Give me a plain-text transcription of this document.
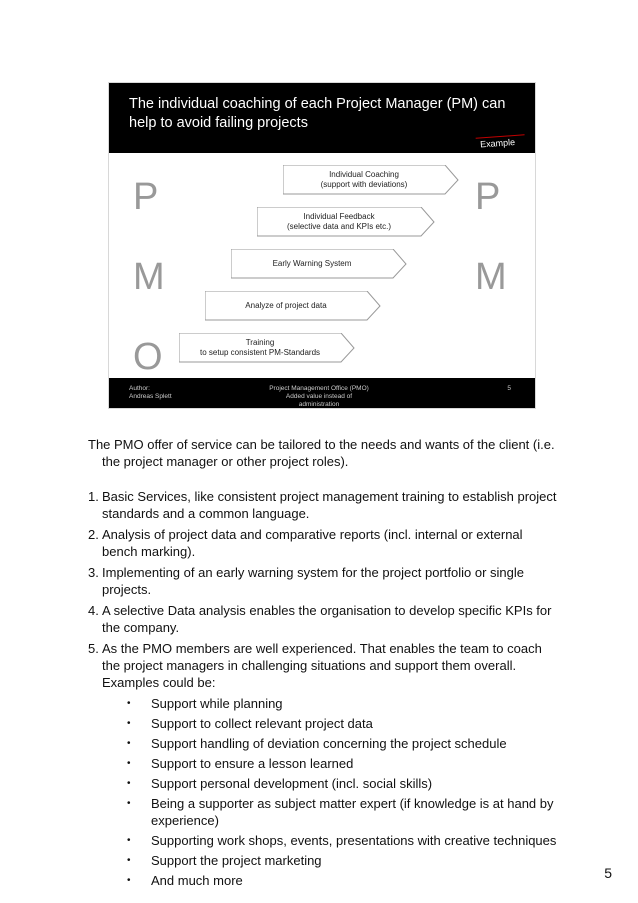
The individual coaching of each Project Manager (PM) can help to avoid failing projects
Example
P
M
O
P
M
Individual Coaching
(support with deviations)
Individual Feedback
(selective data and KPIs etc.)
Early Warning System
Analyze of project data
Training
to setup consistent PM-Standards
Author:
Andreas Splett
Project Management Office (PMO)
Added value instead of administration
5

The PMO offer of service can be tailored to the needs and wants of the client (i.e. the project manager or other project roles).

1. Basic Services, like consistent project management training to establish project standards and a common language.
2. Analysis of project data and comparative reports (incl. internal or external bench marking).
3. Implementing of an early warning system for the project portfolio or single projects.
4. A selective Data analysis enables the organisation to develop specific KPIs for the company.
5. As the PMO members are well experienced. That enables the team to coach the project managers in challenging situations and support them overall. Examples could be:
•	Support while planning
•	Support to collect relevant project data
•	Support handling of deviation concerning the project schedule
•	Support to ensure a lesson learned
•	Support personal development (incl. social skills)
•	Being a supporter as subject matter expert (if knowledge is at hand by experience)
•	Supporting work shops, events, presentations with creative techniques
•	Support the project marketing
•	And much more	5
